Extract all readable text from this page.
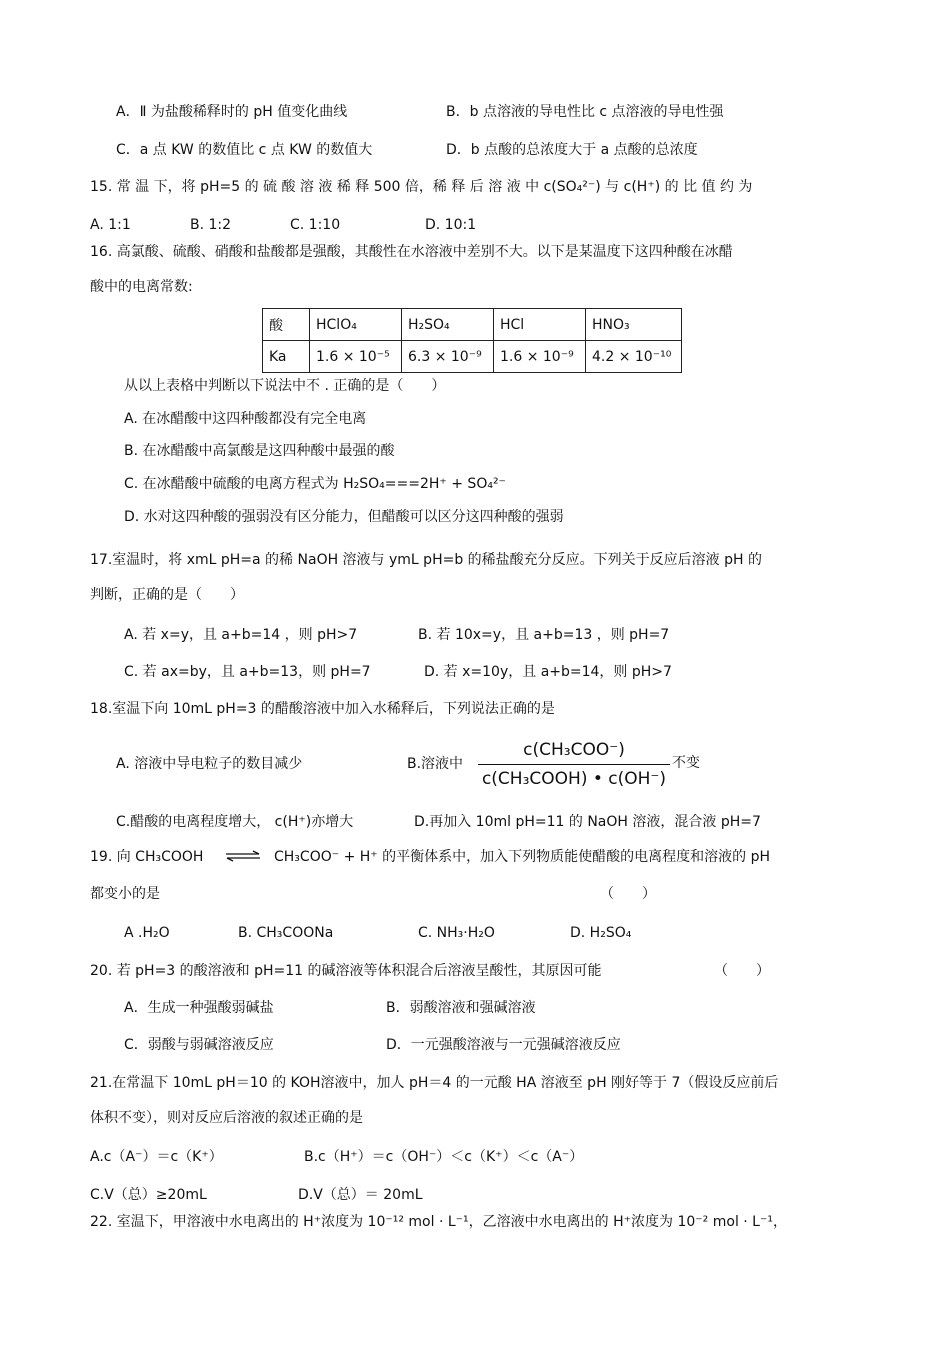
A．Ⅱ 为盐酸稀释时的 pH 值变化曲线	B．b 点溶液的导电性比 c 点溶液的导电性强
C．a 点 KW 的数值比 c 点 KW 的数值大	D．b 点酸的总浓度大于 a 点酸的总浓度
15. 常 温 下，将 pH=5 的 硫 酸 溶 液 稀 释 500 倍，稀 释 后 溶 液 中 c(SO₄²⁻) 与 c(H⁺) 的 比 值 约 为
A. 1:1	B. 1:2	C. 1:10	D. 10:1
16. 高氯酸、硫酸、硝酸和盐酸都是强酸，其酸性在水溶液中差别不大。以下是某温度下这四种酸在冰醋
酸中的电离常数:
酸	HClO₄	H₂SO₄	HCl	HNO₃
Ka	1.6 × 10⁻⁵	6.3 × 10⁻⁹	1.6 × 10⁻⁹	4.2 × 10⁻¹⁰
从以上表格中判断以下说法中不 . 正确的是（　　）
A. 在冰醋酸中这四种酸都没有完全电离
B. 在冰醋酸中高氯酸是这四种酸中最强的酸
C. 在冰醋酸中硫酸的电离方程式为 H₂SO₄===2H⁺ + SO₄²⁻
D. 水对这四种酸的强弱没有区分能力，但醋酸可以区分这四种酸的强弱
17.室温时，将 xmL pH=a 的稀 NaOH 溶液与 ymL pH=b 的稀盐酸充分反应。下列关于反应后溶液 pH 的
判断，正确的是（　　）
A. 若 x=y，且 a+b=14 ，则 pH>7	B. 若 10x=y，且 a+b=13 ，则 pH=7
C. 若 ax=by，且 a+b=13，则 pH=7	D. 若 x=10y，且 a+b=14，则 pH>7
18.室温下向 10mL pH=3 的醋酸溶液中加入水稀释后，下列说法正确的是
A. 溶液中导电粒子的数目减少	B.溶液中
c(CH₃COO⁻)
c(CH₃COOH) • c(OH⁻)
不变
C.醋酸的电离程度增大， c(H⁺)亦增大	D.再加入 10ml pH=11 的 NaOH 溶液，混合液 pH=7
19. 向 CH₃COOH ⇌ CH₃COO⁻ + H⁺ 的平衡体系中，加入下列物质能使醋酸的电离程度和溶液的 pH
都变小的是	（　　）
A .H₂O	B. CH₃COONa	C. NH₃·H₂O	D. H₂SO₄
20. 若 pH=3 的酸溶液和 pH=11 的碱溶液等体积混合后溶液呈酸性，其原因可能	（　　）
A．生成一种强酸弱碱盐	B．弱酸溶液和强碱溶液
C．弱酸与弱碱溶液反应	D．一元强酸溶液与一元强碱溶液反应
21.在常温下 10mL pH＝10 的 KOH溶液中，加人 pH＝4 的一元酸 HA 溶液至 pH 刚好等于 7（假设反应前后
体积不变），则对反应后溶液的叙述正确的是
A.c（A⁻）＝c（K⁺）	B.c（H⁺）＝c（OH⁻）＜c（K⁺）＜c（A⁻）
C.V（总）≥20mL	D.V（总）＝ 20mL
22. 室温下，甲溶液中水电离出的 H⁺浓度为 10⁻¹² mol · L⁻¹，乙溶液中水电离出的 H⁺浓度为 10⁻² mol · L⁻¹，
